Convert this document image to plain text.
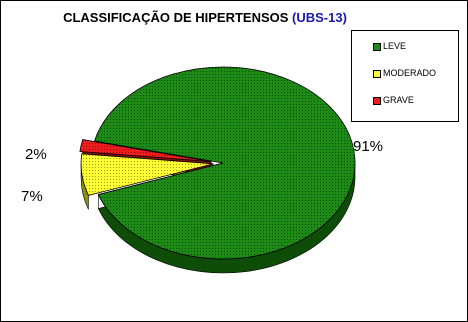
CLASSIFICAÇÃO DE HIPERTENSOS (UBS-13)
91%
7%
2%
LEVE
MODERADO
GRAVE
